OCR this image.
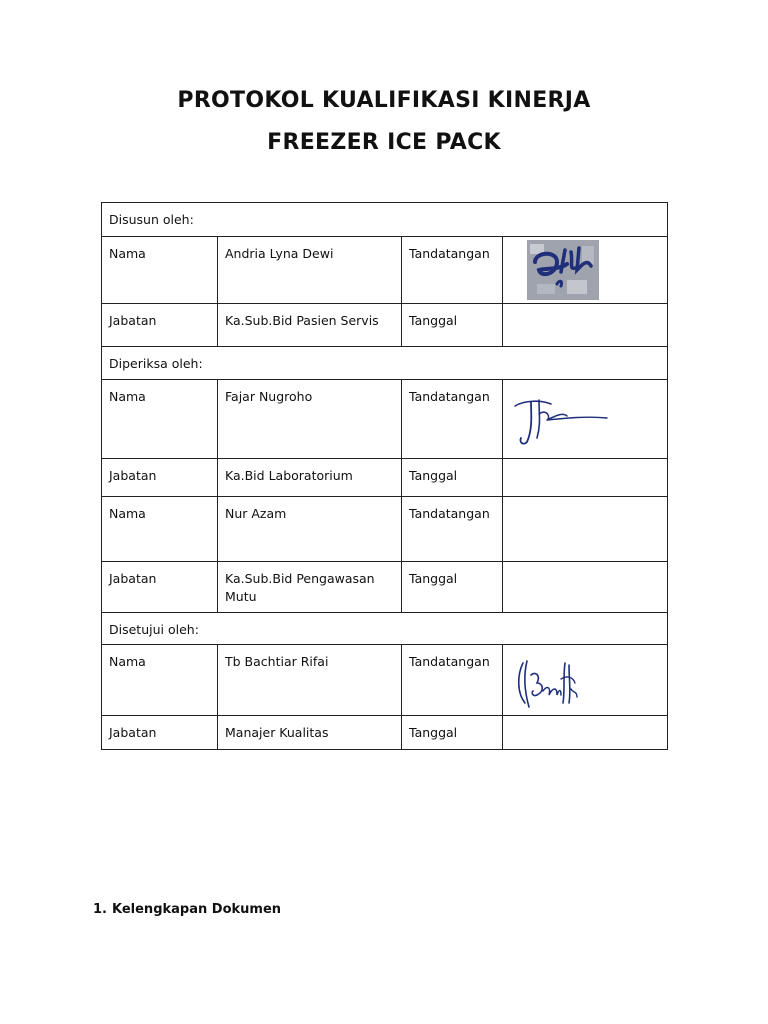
PROTOKOL KUALIFIKASI KINERJA
FREEZER ICE PACK
Disusun oleh:			
Nama	Andria Lyna Dewi	Tandatangan	

Jabatan	Ka.Sub.Bid Pasien Servis	Tanggal	
Diperiksa oleh:			
Nama	Fajar Nugroho	Tandatangan	

Jabatan	Ka.Bid Laboratorium	Tanggal	
Nama	Nur Azam	Tandatangan	
Jabatan	Ka.Sub.Bid Pengawasan Mutu	Tanggal	
Disetujui oleh:			
Nama	Tb Bachtiar Rifai	Tandatangan	

Jabatan	Manajer Kualitas	Tanggal	
1. Kelengkapan Dokumen
